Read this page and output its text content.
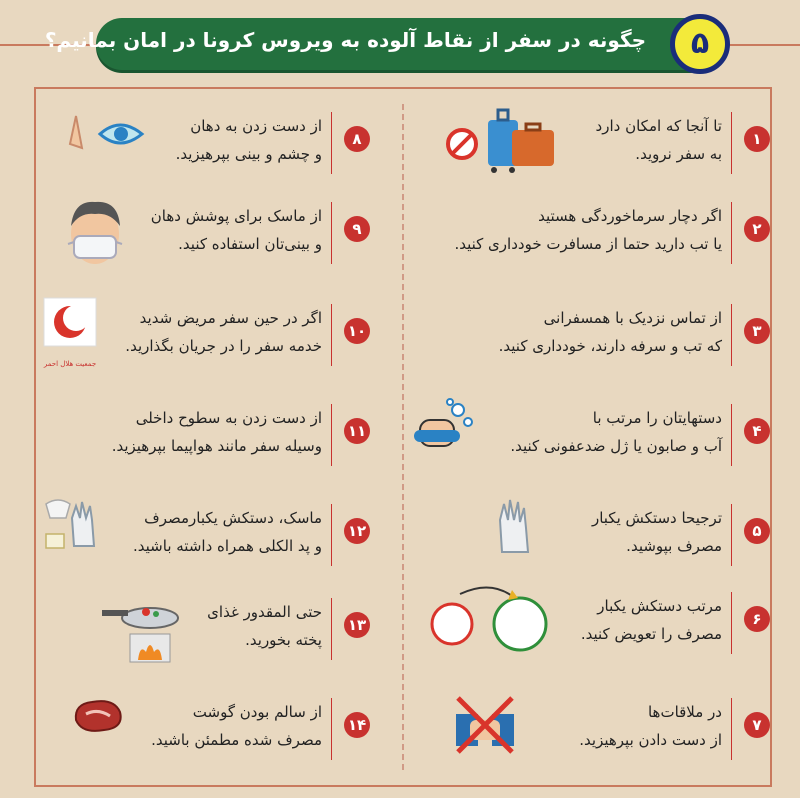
چگونه در سفر از نقاط آلوده به ویروس کرونا در امان بمانیم؟	۵
۱
تا آنجا که امکان دارد
به سفر نروید.
۲
اگر دچار سرماخوردگی هستید
یا تب دارید حتما از مسافرت خودداری کنید.
۳
از تماس نزدیک با همسفرانی
که تب و سرفه دارند، خودداری کنید.
۴
دستهایتان را مرتب با
آب و صابون یا ژل ضدعفونی کنید.
۵
ترجیحا دستکش یکبار
مصرف بپوشید.
۶
مرتب دستکش یکبار
مصرف را تعویض کنید.
۷
در ملاقات‌ها
از دست دادن بپرهیزید.
۸
از دست زدن به دهان
و چشم و بینی بپرهیزید.
۹
از ماسک برای پوشش دهان
و بینی‌تان استفاده کنید.
جمعیت هلال احمر
۱۰
اگر در حین سفر مریض شدید
خدمه سفر را در جریان بگذارید.
۱۱
از دست زدن به سطوح داخلی
وسیله سفر مانند هواپیما بپرهیزید.
۱۲
ماسک، دستکش یکبارمصرف
و پد الکلی همراه داشته باشید.
۱۳
حتی المقدور غذای
پخته بخورید.
۱۴
از سالم بودن گوشت
مصرف شده مطمئن باشید.
